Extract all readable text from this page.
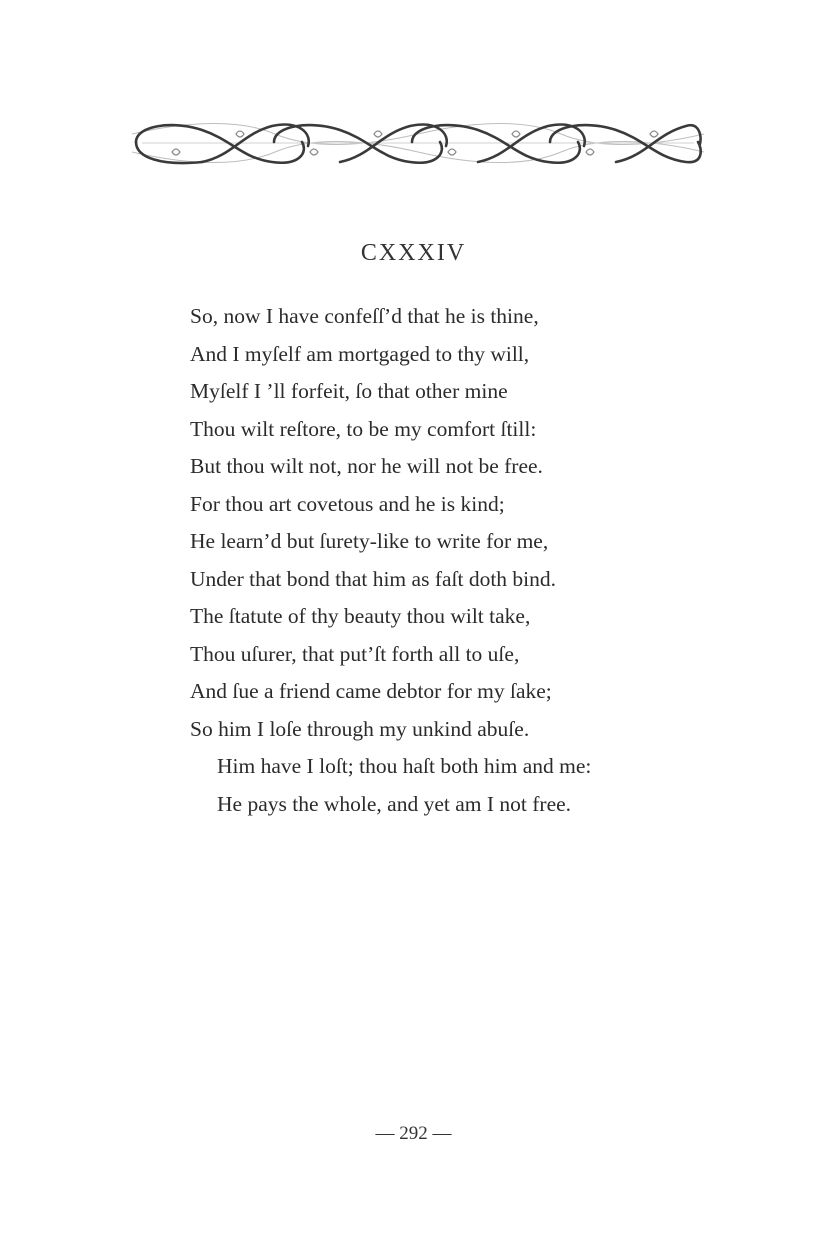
CXXXIV
So, now I have confeſſ’d that he is thine,
And I myſelf am mortgaged to thy will,
Myſelf I ’ll forfeit, ſo that other mine
Thou wilt reſtore, to be my comfort ſtill:
But thou wilt not, nor he will not be free.
For thou art covetous and he is kind;
He learn’d but ſurety-like to write for me,
Under that bond that him as faſt doth bind.
The ſtatute of thy beauty thou wilt take,
Thou uſurer, that put’ſt forth all to uſe,
And ſue a friend came debtor for my ſake;
So him I loſe through my unkind abuſe.
Him have I loſt; thou haſt both him and me:
He pays the whole, and yet am I not free.
— 292 —
